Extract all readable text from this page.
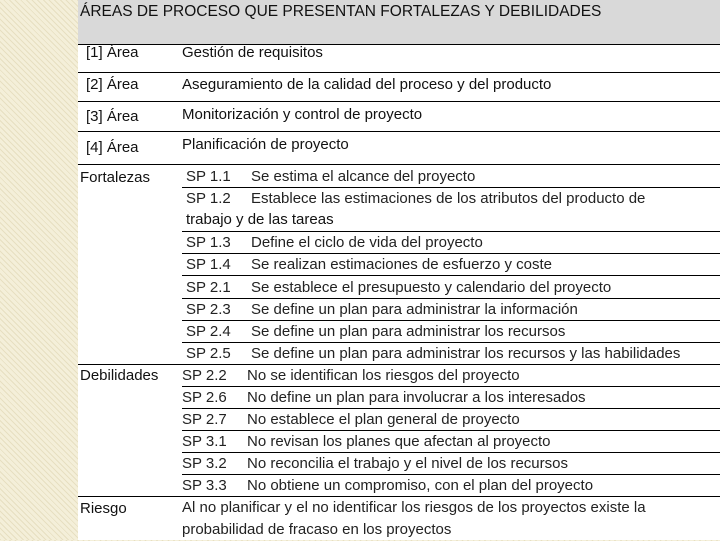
ÁREAS DE PROCESO QUE PRESENTAN FORTALEZAS Y DEBILIDADES
[1] Área	Gestión de requisitos
[2] Área	Aseguramiento de la calidad del proceso y del producto
[3] Área	Monitorización y control de proyecto
[4] Área	Planificación de proyecto
Fortalezas SP 1.1 Se estima el alcance del proyecto
SP 1.2 Establece las estimaciones de los atributos del producto de
trabajo y de las tareas
SP 1.3 Define el ciclo de vida del proyecto
SP 1.4 Se realizan estimaciones de esfuerzo y coste
SP 2.1 Se establece el presupuesto y calendario del proyecto
SP 2.3 Se define un plan para administrar la información
SP 2.4 Se define un plan para administrar los recursos
SP 2.5 Se define un plan para administrar los recursos y las habilidades
Debilidades SP 2.2 No se identifican los riesgos del proyecto
SP 2.6 No define un plan para involucrar a los interesados
SP 2.7 No establece el plan general de proyecto
SP 3.1 No revisan los planes que afectan al proyecto
SP 3.2 No reconcilia el trabajo y el nivel de los recursos
SP 3.3 No obtiene un compromiso, con el plan del proyecto
Riesgo	Al no planificar y el no identificar los riesgos de los proyectos existe la
probabilidad de fracaso en los proyectos
